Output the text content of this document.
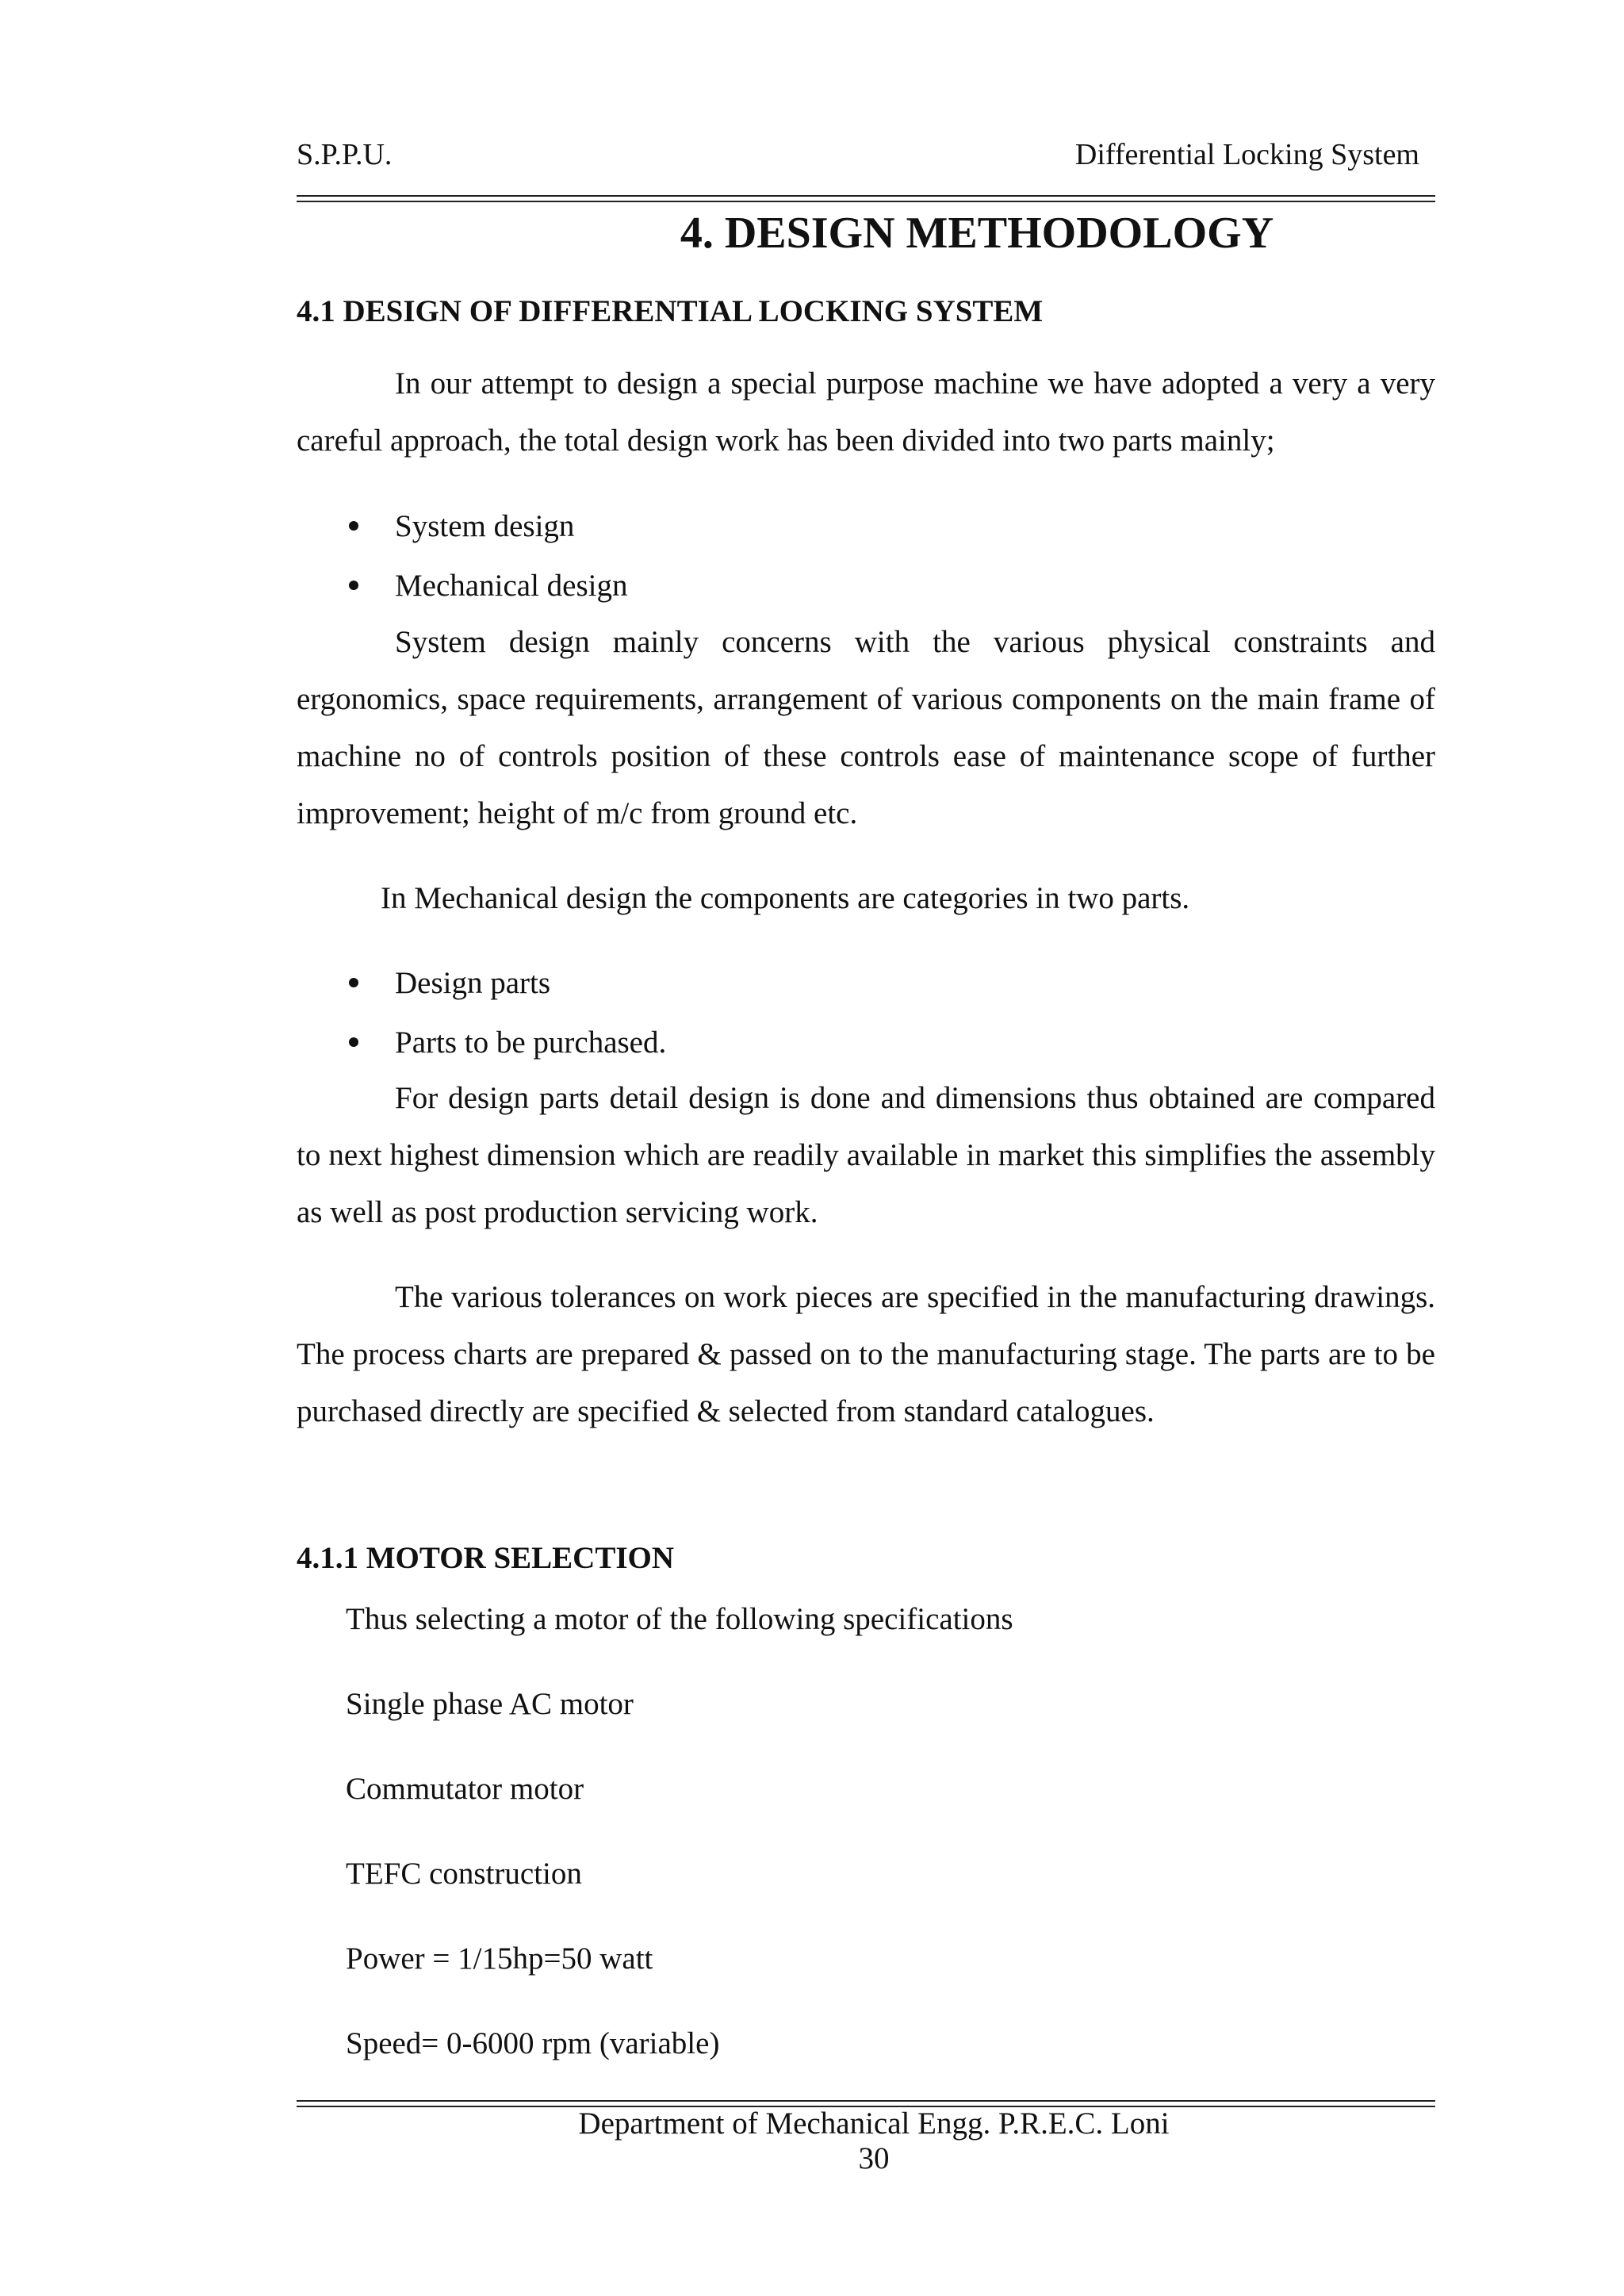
S.P.P.U.	Differential Locking System
4. DESIGN METHODOLOGY
4.1 DESIGN OF DIFFERENTIAL LOCKING SYSTEM

In our attempt to design a special purpose machine we have adopted a very a very careful approach, the total design work has been divided into two parts mainly;

System design
Mechanical design

System design mainly concerns with the various physical constraints and ergonomics, space requirements, arrangement of various components on the main frame of machine no of controls position of these controls ease of maintenance scope of further improvement; height of m/c from ground etc.

In Mechanical design the components are categories in two parts.

Design parts
Parts to be purchased.

For design parts detail design is done and dimensions thus obtained are compared to next highest dimension which are readily available in market this simplifies the assembly as well as post production servicing work.

The various tolerances on work pieces are specified in the manufacturing drawings. The process charts are prepared & passed on to the manufacturing stage. The parts are to be purchased directly are specified & selected from standard catalogues.

4.1.1 MOTOR SELECTION
Thus selecting a motor of the following specifications
Single phase AC motor
Commutator motor
TEFC construction
Power = 1/15hp=50 watt
Speed= 0-6000 rpm (variable)
Department of Mechanical Engg. P.R.E.C. Loni
30
